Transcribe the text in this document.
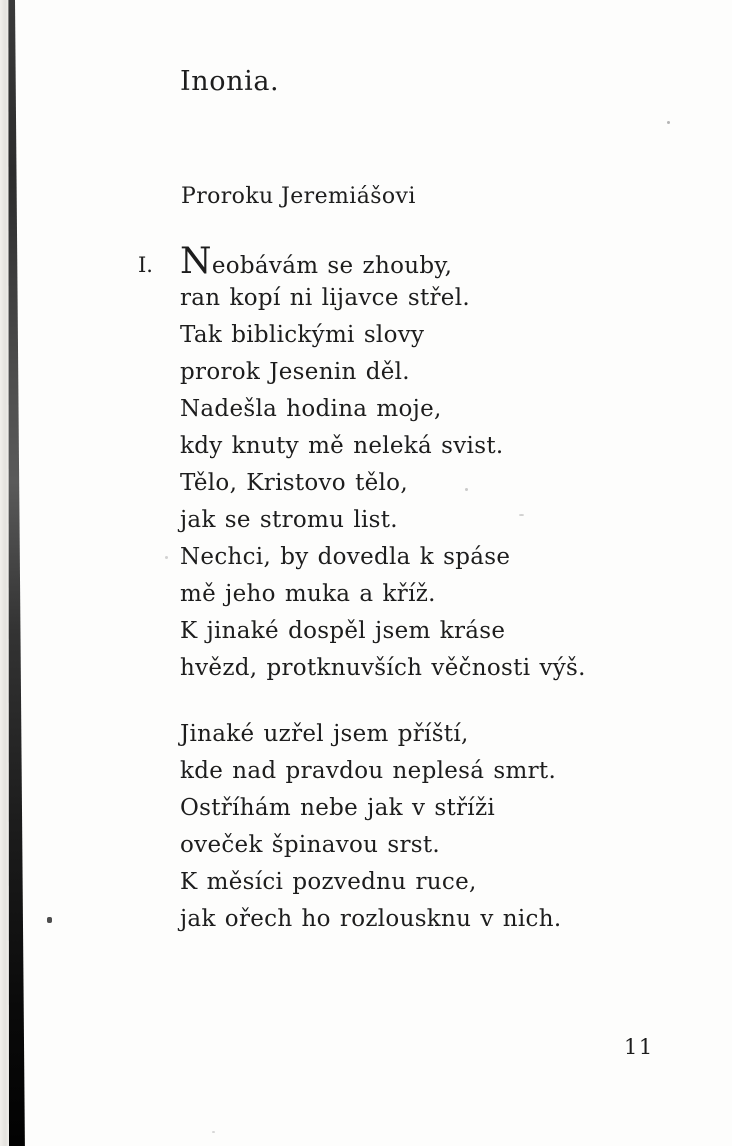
Inonia.
Proroku Jeremiášovi
I. Neobávám se zhouby,
ran kopí ni lijavce střel.
Tak biblickými slovy
prorok Jesenin děl.
Nadešla hodina moje,
kdy knuty mě neleká svist.
Tělo, Kristovo tělo,
jak se stromu list.
Nechci, by dovedla k spáse
mě jeho muka a kříž.
K jinaké dospěl jsem kráse
hvězd, protknuvších věčnosti výš.
Jinaké uzřel jsem příští,
kde nad pravdou neplesá smrt.
Ostříhám nebe jak v stříži
oveček špinavou srst.
K měsíci pozvednu ruce,
jak ořech ho rozlousknu v nich.
11
